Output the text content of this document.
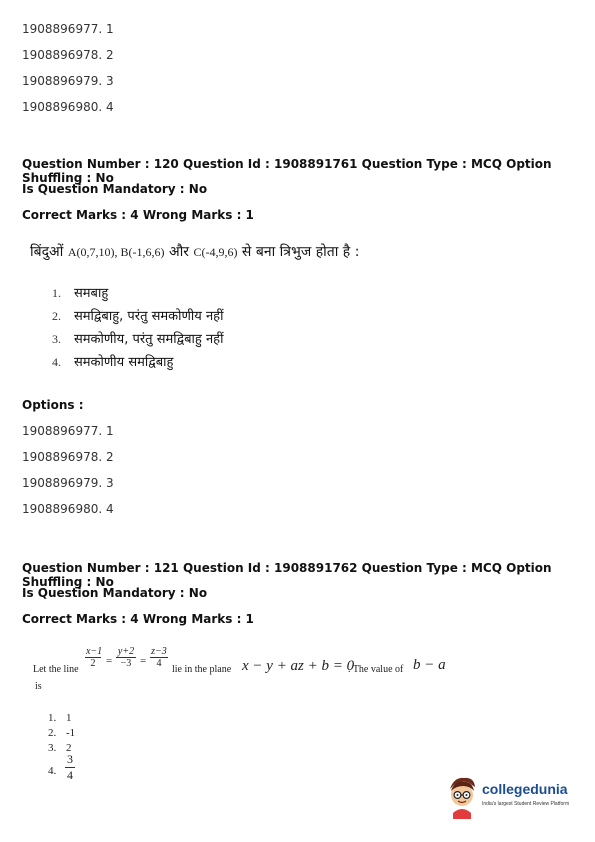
1908896977. 1
1908896978. 2
1908896979. 3
1908896980. 4
Question Number : 120 Question Id : 1908891761 Question Type : MCQ Option Shuffling : No
Is Question Mandatory : No
Correct Marks : 4 Wrong Marks : 1
बिंदुओं A(0,7,10), B(-1,6,6) और C(-4,9,6) से बना त्रिभुज होता है :
1. समबाहु
2. समद्विबाहु, परंतु समकोणीय नहीं
3. समकोणीय, परंतु समद्विबाहु नहीं
4. समकोणीय समद्विबाहु
Options :
1908896977. 1
1908896978. 2
1908896979. 3
1908896980. 4
Question Number : 121 Question Id : 1908891762 Question Type : MCQ Option Shuffling : No
Is Question Mandatory : No
Correct Marks : 4 Wrong Marks : 1
Let the line
$\frac{x-1}{2} = \frac{y+2}{-3} = \frac{z-3}{4}$
lie in the plane x − y + az + b = 0
. The value of b − a
is
1. 1
2. -1
3. 2
4. $\frac{3}{4}$
collegedunia
India's largest Student Review Platform
